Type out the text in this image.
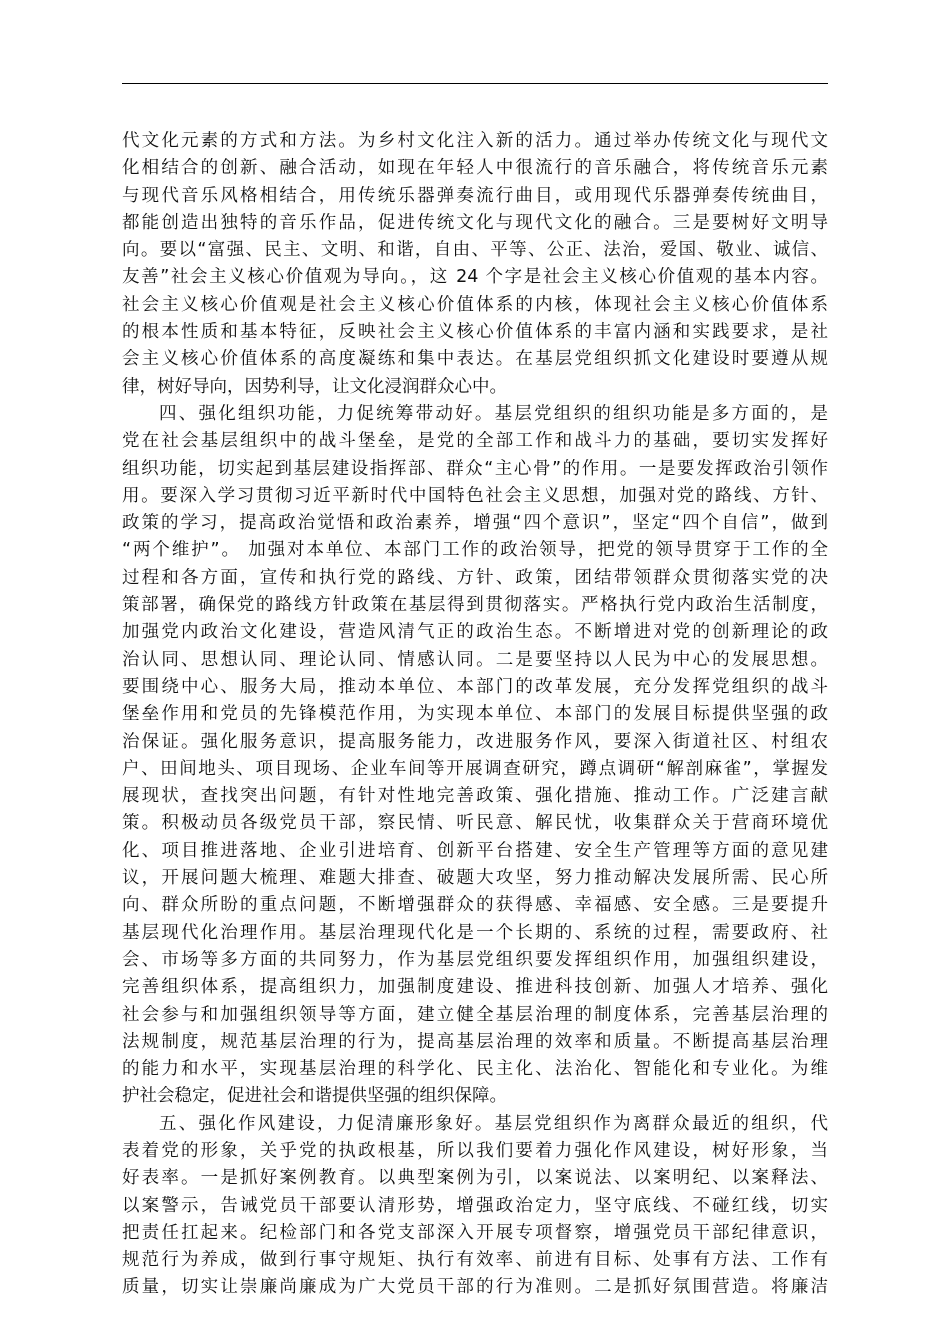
代文化元素的方式和方法。为乡村文化注入新的活力。通过举办传统文化与现代文
化相结合的创新、融合活动，如现在年轻人中很流行的音乐融合，将传统音乐元素
与现代音乐风格相结合，用传统乐器弹奏流行曲目，或用现代乐器弹奏传统曲目，
都能创造出独特的音乐作品，促进传统文化与现代文化的融合。三是要树好文明导
向。要以“富强、民主、文明、和谐，自由、平等、公正、法治，爱国、敬业、诚信、
友善”社会主义核心价值观为导向。，这 24 个字是社会主义核心价值观的基本内容。
社会主义核心价值观是社会主义核心价值体系的内核，体现社会主义核心价值体系
的根本性质和基本特征，反映社会主义核心价值体系的丰富内涵和实践要求，是社
会主义核心价值体系的高度凝练和集中表达。在基层党组织抓文化建设时要遵从规
律，树好导向，因势利导，让文化浸润群众心中。
四、强化组织功能，力促统筹带动好。基层党组织的组织功能是多方面的，是
党在社会基层组织中的战斗堡垒，是党的全部工作和战斗力的基础，要切实发挥好
组织功能，切实起到基层建设指挥部、群众“主心骨”的作用。一是要发挥政治引领作
用。要深入学习贯彻习近平新时代中国特色社会主义思想，加强对党的路线、方针、
政策的学习，提高政治觉悟和政治素养，增强“四个意识”，坚定“四个自信”，做到
“两个维护”。 加强对本单位、本部门工作的政治领导，把党的领导贯穿于工作的全
过程和各方面，宣传和执行党的路线、方针、政策，团结带领群众贯彻落实党的决
策部署，确保党的路线方针政策在基层得到贯彻落实。严格执行党内政治生活制度，
加强党内政治文化建设，营造风清气正的政治生态。不断增进对党的创新理论的政
治认同、思想认同、理论认同、情感认同。二是要坚持以人民为中心的发展思想。
要围绕中心、服务大局，推动本单位、本部门的改革发展，充分发挥党组织的战斗
堡垒作用和党员的先锋模范作用，为实现本单位、本部门的发展目标提供坚强的政
治保证。强化服务意识，提高服务能力，改进服务作风，要深入街道社区、村组农
户、田间地头、项目现场、企业车间等开展调查研究，蹲点调研“解剖麻雀”，掌握发
展现状，查找突出问题，有针对性地完善政策、强化措施、推动工作。广泛建言献
策。积极动员各级党员干部，察民情、听民意、解民忧，收集群众关于营商环境优
化、项目推进落地、企业引进培育、创新平台搭建、安全生产管理等方面的意见建
议，开展问题大梳理、难题大排查、破题大攻坚，努力推动解决发展所需、民心所
向、群众所盼的重点问题，不断增强群众的获得感、幸福感、安全感。三是要提升
基层现代化治理作用。基层治理现代化是一个长期的、系统的过程，需要政府、社
会、市场等多方面的共同努力，作为基层党组织要发挥组织作用，加强组织建设，
完善组织体系，提高组织力，加强制度建设、推进科技创新、加强人才培养、强化
社会参与和加强组织领导等方面，建立健全基层治理的制度体系，完善基层治理的
法规制度，规范基层治理的行为，提高基层治理的效率和质量。不断提高基层治理
的能力和水平，实现基层治理的科学化、民主化、法治化、智能化和专业化。为维
护社会稳定，促进社会和谐提供坚强的组织保障。
五、强化作风建设，力促清廉形象好。基层党组织作为离群众最近的组织，代
表着党的形象，关乎党的执政根基，所以我们要着力强化作风建设，树好形象，当
好表率。一是抓好案例教育。以典型案例为引，以案说法、以案明纪、以案释法、
以案警示，告诫党员干部要认清形势，增强政治定力，坚守底线、不碰红线，切实
把责任扛起来。纪检部门和各党支部深入开展专项督察，增强党员干部纪律意识，
规范行为养成，做到行事守规矩、执行有效率、前进有目标、处事有方法、工作有
质量，切实让崇廉尚廉成为广大党员干部的行为准则。二是抓好氛围营造。将廉洁
